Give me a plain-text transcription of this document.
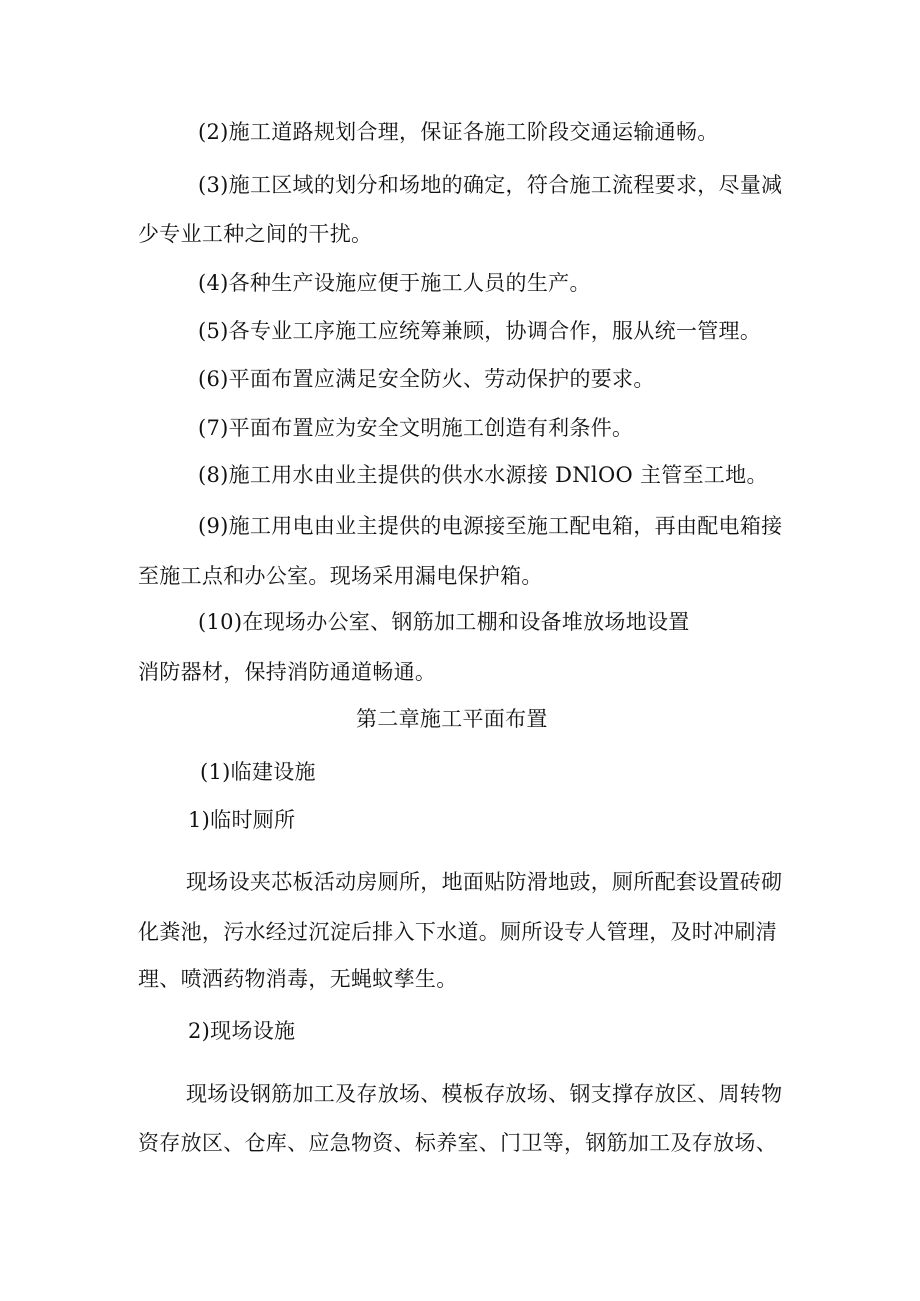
(2)施工道路规划合理，保证各施工阶段交通运输通畅。

(3)施工区域的划分和场地的确定，符合施工流程要求，尽量减

少专业工种之间的干扰。

(4)各种生产设施应便于施工人员的生产。

(5)各专业工序施工应统筹兼顾，协调合作，服从统一管理。

(6)平面布置应满足安全防火、劳动保护的要求。

(7)平面布置应为安全文明施工创造有利条件。

(8)施工用水由业主提供的供水水源接 DNlOO 主管至工地。

(9)施工用电由业主提供的电源接至施工配电箱，再由配电箱接

至施工点和办公室。现场采用漏电保护箱。

(10)在现场办公室、钢筋加工棚和设备堆放场地设置

消防器材，保持消防通道畅通。

第二章施工平面布置

(1)临建设施

1)临时厕所

现场设夹芯板活动房厕所，地面贴防滑地豉，厕所配套设置砖砌

化粪池，污水经过沉淀后排入下水道。厕所设专人管理，及时冲刷清

理、喷洒药物消毒，无蝇蚊孳生。

2)现场设施

现场设钢筋加工及存放场、模板存放场、钢支撑存放区、周转物

资存放区、仓库、应急物资、标养室、门卫等，钢筋加工及存放场、
